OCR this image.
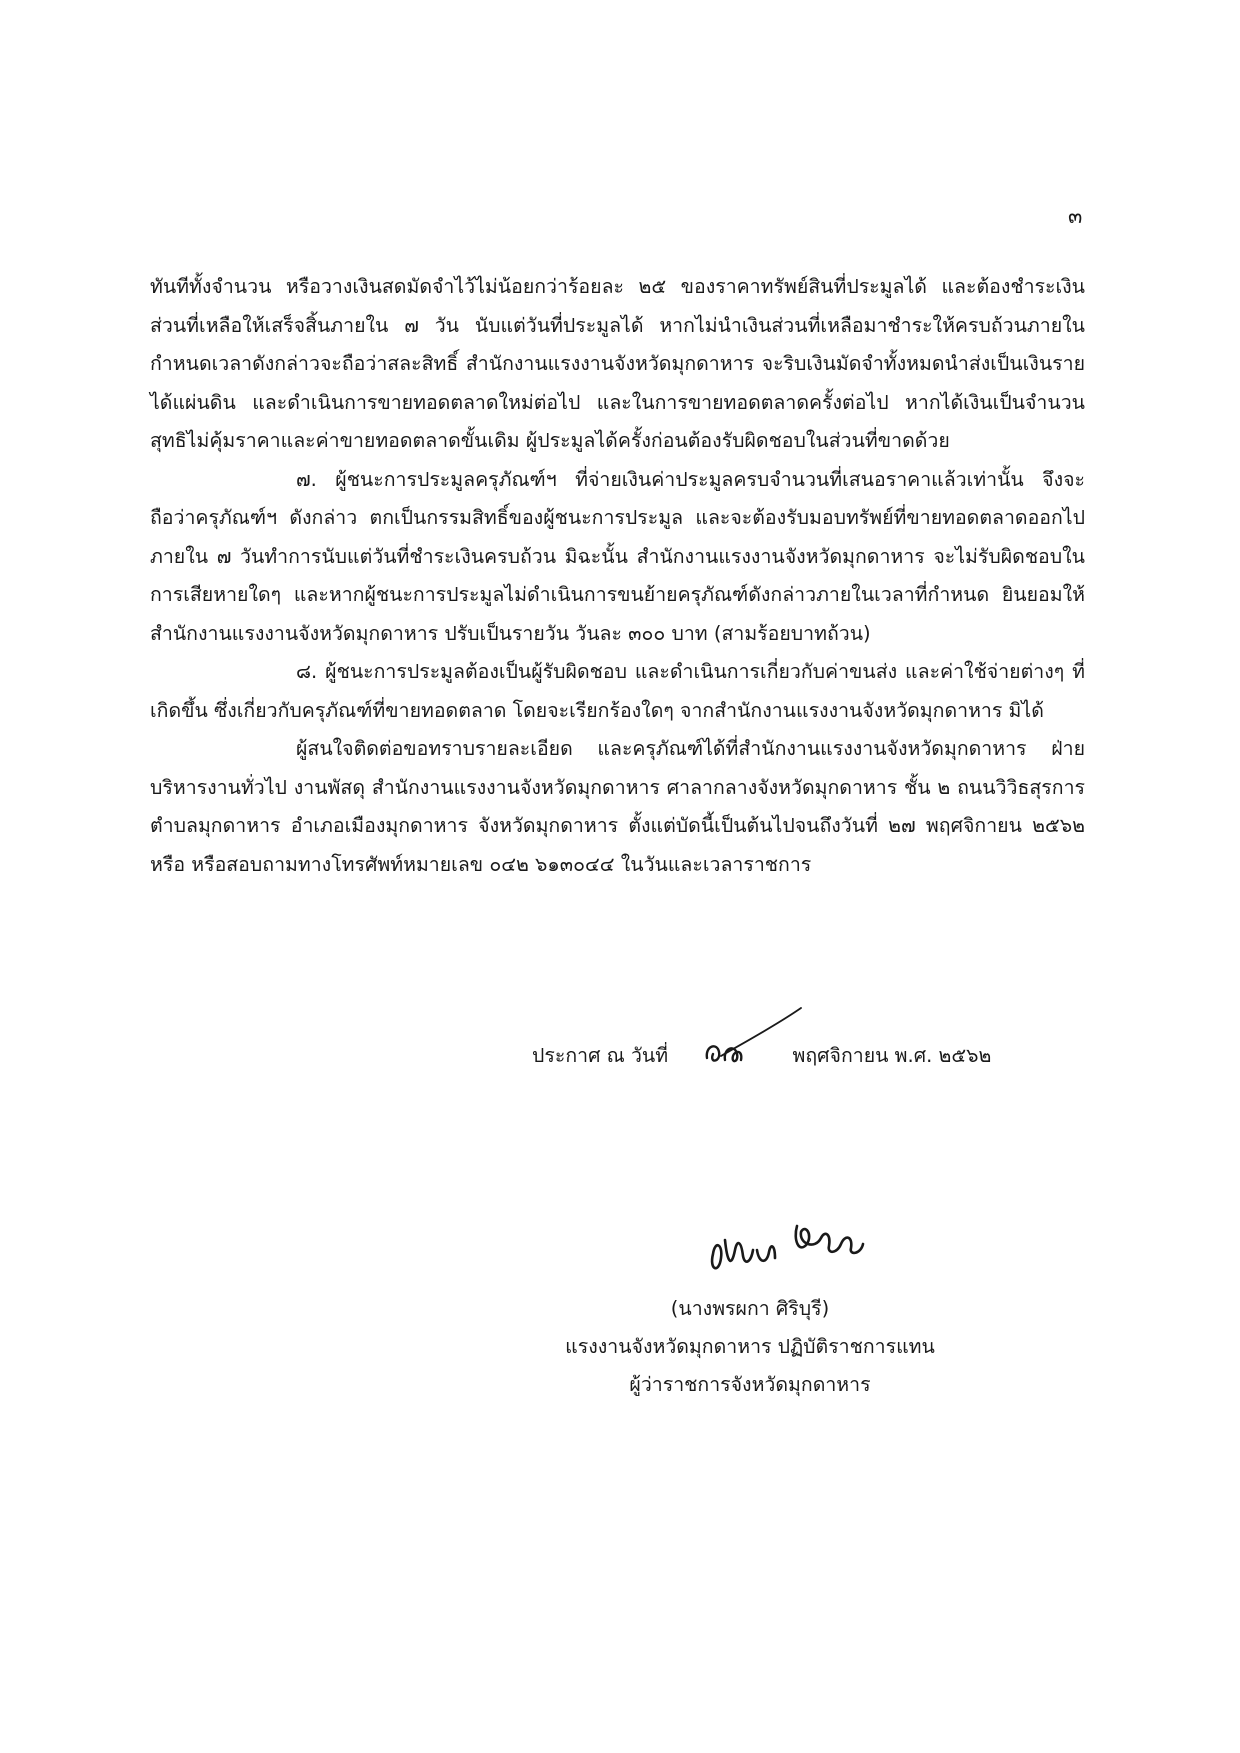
๓

ทันทีทั้งจำนวน หรือวางเงินสดมัดจำไว้ไม่น้อยกว่าร้อยละ ๒๕ ของราคาทรัพย์สินที่ประมูลได้ และต้องชำระเงินส่วนที่เหลือให้เสร็จสิ้นภายใน ๗ วัน นับแต่วันที่ประมูลได้ หากไม่นำเงินส่วนที่เหลือมาชำระให้ครบถ้วนภายในกำหนดเวลาดังกล่าวจะถือว่าสละสิทธิ์ สำนักงานแรงงานจังหวัดมุกดาหาร จะริบเงินมัดจำทั้งหมดนำส่งเป็นเงินรายได้แผ่นดิน และดำเนินการขายทอดตลาดใหม่ต่อไป และในการขายทอดตลาดครั้งต่อไป หากได้เงินเป็นจำนวนสุทธิไม่คุ้มราคาและค่าขายทอดตลาดขั้นเดิม ผู้ประมูลได้ครั้งก่อนต้องรับผิดชอบในส่วนที่ขาดด้วย

๗. ผู้ชนะการประมูลครุภัณฑ์ฯ ที่จ่ายเงินค่าประมูลครบจำนวนที่เสนอราคาแล้วเท่านั้น จึงจะถือว่าครุภัณฑ์ฯ ดังกล่าว ตกเป็นกรรมสิทธิ์ของผู้ชนะการประมูล และจะต้องรับมอบทรัพย์ที่ขายทอดตลาดออกไปภายใน ๗ วันทำการนับแต่วันที่ชำระเงินครบถ้วน มิฉะนั้น สำนักงานแรงงานจังหวัดมุกดาหาร จะไม่รับผิดชอบในการเสียหายใดๆ และหากผู้ชนะการประมูลไม่ดำเนินการขนย้ายครุภัณฑ์ดังกล่าวภายในเวลาที่กำหนด ยินยอมให้สำนักงานแรงงานจังหวัดมุกดาหาร ปรับเป็นรายวัน วันละ ๓๐๐ บาท (สามร้อยบาทถ้วน)

๘. ผู้ชนะการประมูลต้องเป็นผู้รับผิดชอบ และดำเนินการเกี่ยวกับค่าขนส่ง และค่าใช้จ่ายต่างๆ ที่เกิดขึ้น ซึ่งเกี่ยวกับครุภัณฑ์ที่ขายทอดตลาด โดยจะเรียกร้องใดๆ จากสำนักงานแรงงานจังหวัดมุกดาหาร มิได้

ผู้สนใจติดต่อขอทราบรายละเอียด และครุภัณฑ์ได้ที่สำนักงานแรงงานจังหวัดมุกดาหาร ฝ่ายบริหารงานทั่วไป งานพัสดุ สำนักงานแรงงานจังหวัดมุกดาหาร ศาลากลางจังหวัดมุกดาหาร ชั้น ๒ ถนนวิวิธสุรการ ตำบลมุกดาหาร อำเภอเมืองมุกดาหาร จังหวัดมุกดาหาร ตั้งแต่บัดนี้เป็นต้นไปจนถึงวันที่ ๒๗ พฤศจิกายน ๒๕๖๒ หรือ หรือสอบถามทางโทรศัพท์หมายเลข ๐๔๒ ๖๑๓๐๔๔ ในวันและเวลาราชการ

ประกาศ ณ วันที่	พฤศจิกายน พ.ศ. ๒๕๖๒
(นางพรผกา ศิริบุรี)
แรงงานจังหวัดมุกดาหาร ปฏิบัติราชการแทน
ผู้ว่าราชการจังหวัดมุกดาหาร
